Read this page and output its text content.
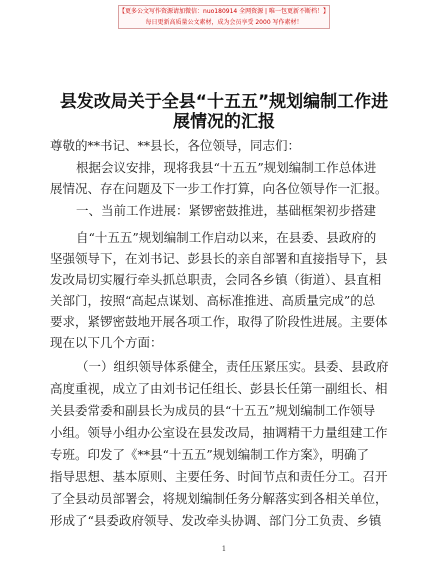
【更多公文写作资源请加微信：nuo180914 全网资源 | 唯一包更新不断档！】
每日更新高质量公文素材，成为会员享受 2000 写作素材！
县发改局关于全县“十五五”规划编制工作进
展情况的汇报
尊敬的**书记、**县长，各位领导，同志们：
根据会议安排，现将我县“十五五”规划编制工作总体进
展情况、存在问题及下一步工作打算，向各位领导作一汇报。
一、当前工作进展：紧锣密鼓推进，基础框架初步搭建
自“十五五”规划编制工作启动以来，在县委、县政府的
坚强领导下，在刘书记、彭县长的亲自部署和直接指导下，县
发改局切实履行牵头抓总职责，会同各乡镇（街道）、县直相
关部门，按照“高起点谋划、高标准推进、高质量完成”的总
要求，紧锣密鼓地开展各项工作，取得了阶段性进展。主要体
现在以下几个方面：
（一）组织领导体系健全，责任压紧压实。县委、县政府
高度重视，成立了由刘书记任组长、彭县长任第一副组长、相
关县委常委和副县长为成员的县“十五五”规划编制工作领导
小组。领导小组办公室设在县发改局，抽调精干力量组建工作
专班。印发了《**县“十五五”规划编制工作方案》，明确了
指导思想、基本原则、主要任务、时间节点和责任分工。召开
了全县动员部署会，将规划编制任务分解落实到各相关单位，
形成了“县委政府领导、发改牵头协调、部门分工负责、乡镇
1
